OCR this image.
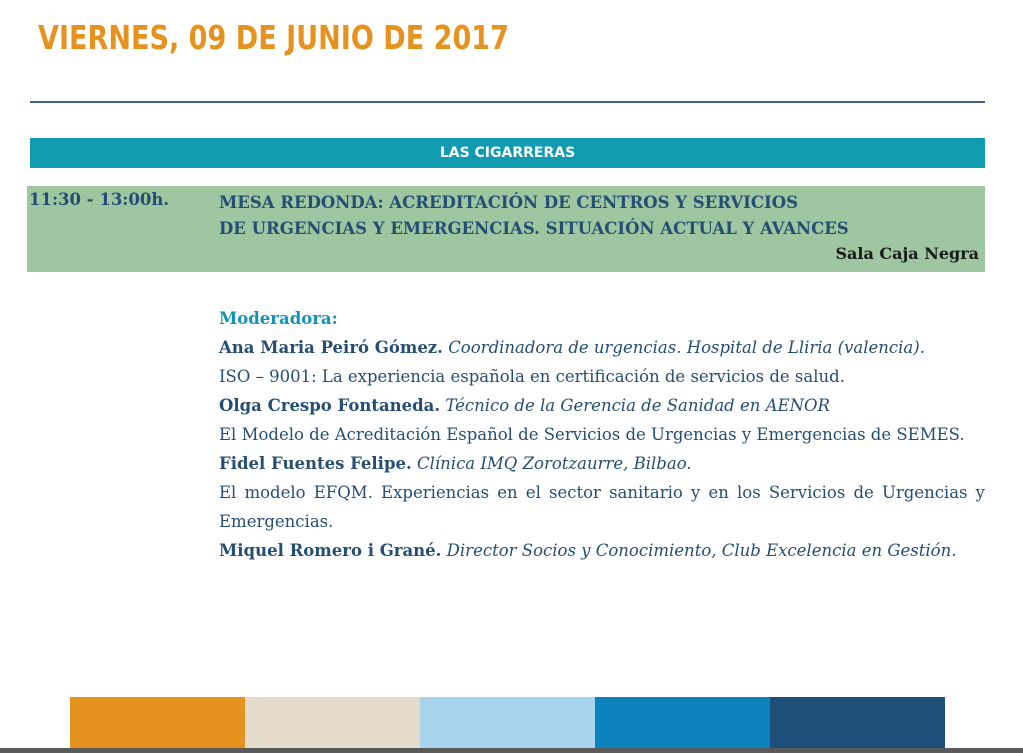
VIERNES, 09 DE JUNIO DE 2017
LAS CIGARRERAS
11:30 - 13:00h.	MESA REDONDA: ACREDITACIÓN DE CENTROS Y SERVICIOS
DE URGENCIAS Y EMERGENCIAS. SITUACIÓN ACTUAL Y AVANCES
Sala Caja Negra

Moderadora:
Ana Maria Peiró Gómez. Coordinadora de urgencias. Hospital de Lliria (valencia).

ISO – 9001: La experiencia española en certificación de servicios de salud.
Olga Crespo Fontaneda. Técnico de la Gerencia de Sanidad en AENOR

El Modelo de Acreditación Español de Servicios de Urgencias y Emergencias de SEMES.
Fidel Fuentes Felipe. Clínica IMQ Zorotzaurre, Bilbao.

El modelo EFQM. Experiencias en el sector sanitario y en los Servicios de Urgencias y Emergencias.
Miquel Romero i Grané. Director Socios y Conocimiento, Club Excelencia en Gestión.
